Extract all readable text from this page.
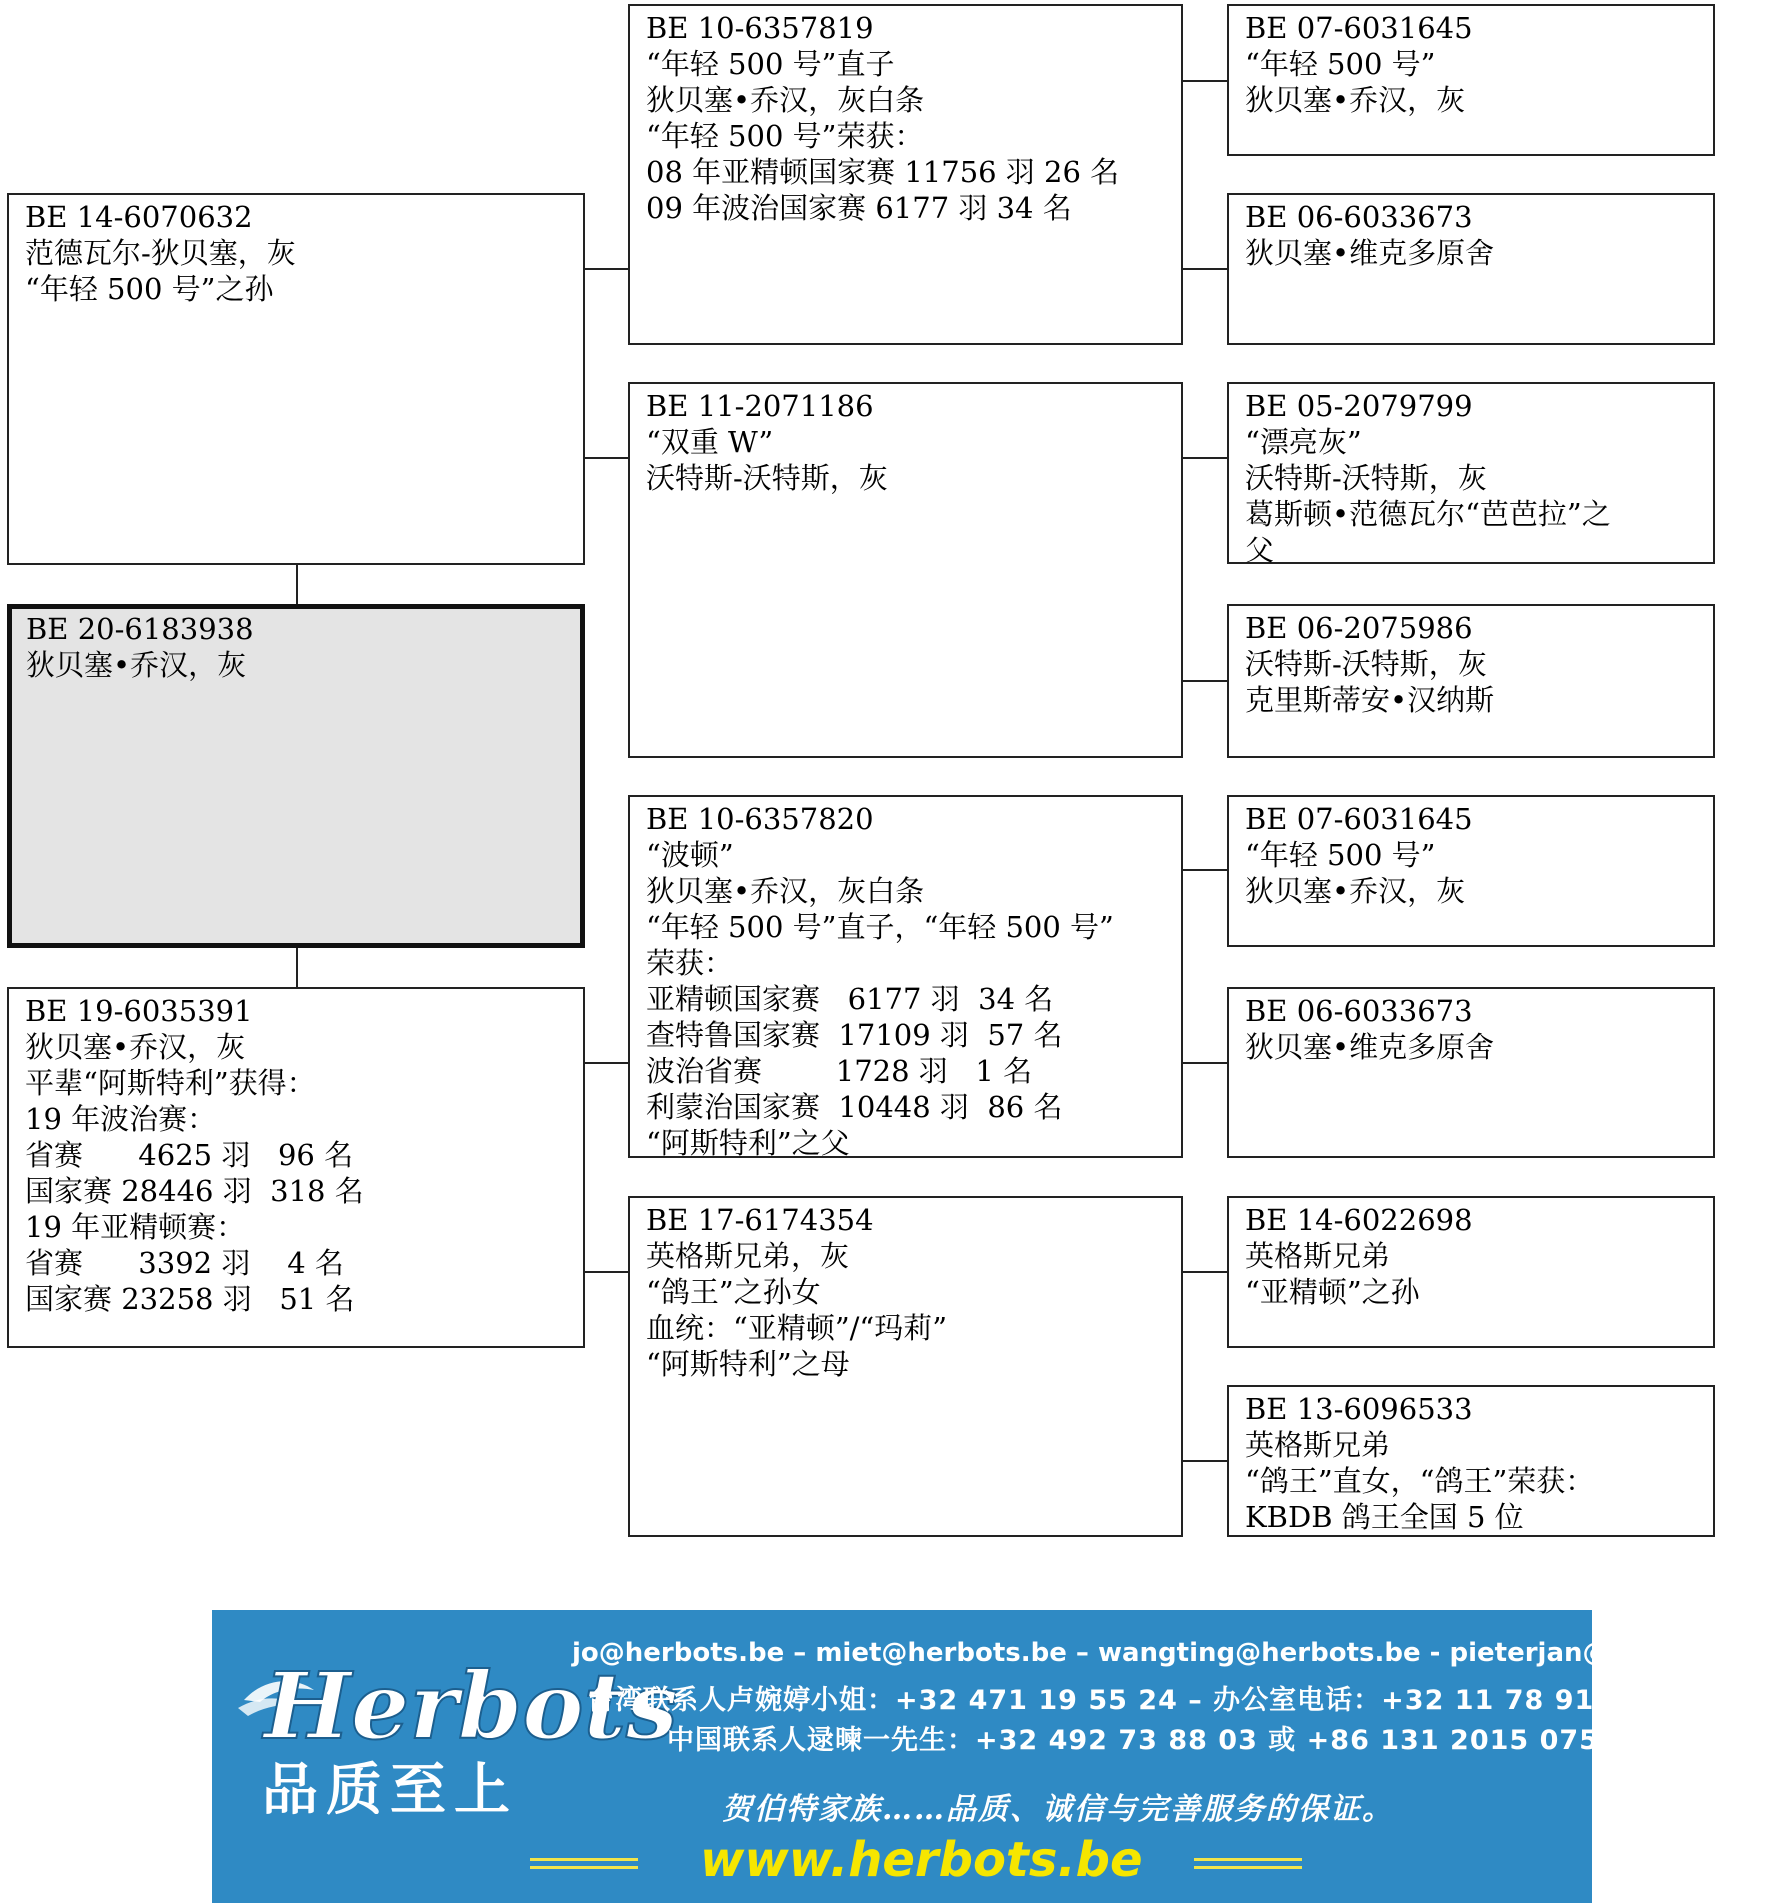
BE 14-6070632
范德瓦尔-狄贝塞，灰
“年轻 500 号”之孙
BE 20-6183938
狄贝塞•乔汉，灰
BE 19-6035391
狄贝塞•乔汉，灰
平辈“阿斯特利”获得：
19 年波治赛：
省赛      4625 羽   96 名
国家赛 28446 羽  318 名
19 年亚精顿赛：
省赛      3392 羽    4 名
国家赛 23258 羽   51 名
BE 10-6357819
“年轻 500 号”直子
狄贝塞•乔汉，灰白条
“年轻 500 号”荣获：
08 年亚精顿国家赛 11756 羽 26 名
09 年波治国家赛 6177 羽 34 名
BE 11-2071186
“双重 W”
沃特斯-沃特斯，灰
BE 10-6357820
“波顿”
狄贝塞•乔汉，灰白条
“年轻 500 号”直子，“年轻 500 号”
荣获：
亚精顿国家赛   6177 羽  34 名
查特鲁国家赛  17109 羽  57 名
波治省赛        1728 羽   1 名
利蒙治国家赛  10448 羽  86 名
“阿斯特利”之父
BE 17-6174354
英格斯兄弟，灰
“鸽王”之孙女
血统：“亚精顿”/“玛莉”
“阿斯特利”之母
BE 07-6031645
“年轻 500 号”
狄贝塞•乔汉，灰
BE 06-6033673
狄贝塞•维克多原舍
BE 05-2079799
“漂亮灰”
沃特斯-沃特斯，灰
葛斯顿•范德瓦尔“芭芭拉”之
父
BE 06-2075986
沃特斯-沃特斯，灰
克里斯蒂安•汉纳斯
BE 07-6031645
“年轻 500 号”
狄贝塞•乔汉，灰
BE 06-6033673
狄贝塞•维克多原舍
BE 14-6022698
英格斯兄弟
“亚精顿”之孙
BE 13-6096533
英格斯兄弟
“鸽王”直女，“鸽王”荣获：
KBDB 鸽王全国 5 位
Herbots
品质至上
jo@herbots.be – miet@herbots.be – wangting@herbots.be - pieterjan@herbots.be
台湾联系人卢婉婷小姐：+32 471 19 55 24 – 办公室电话：+32 11 78 91 90
中国联系人逯暕一先生：+32 492 73 88 03 或 +86 131 2015 0755
贺伯特家族……品质、诚信与完善服务的保证。
www.herbots.be
